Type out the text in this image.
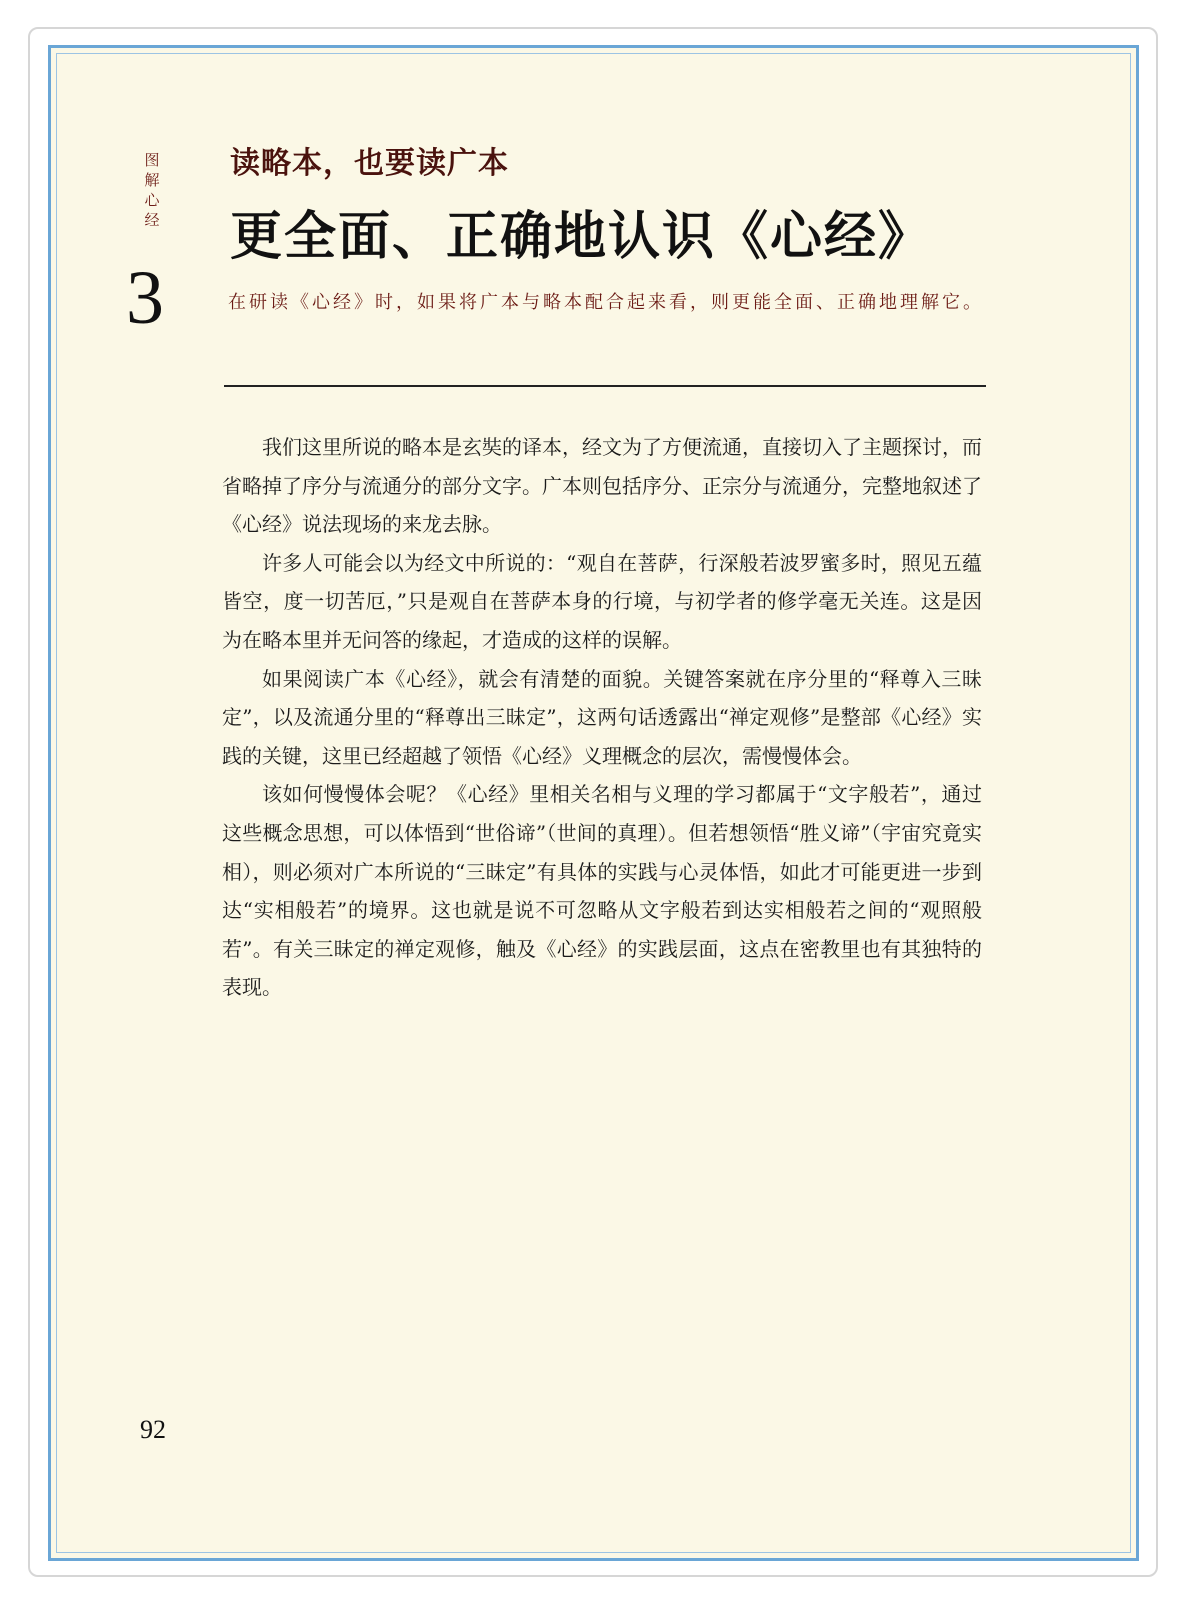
图解心经
3
读略本，也要读广本
更全面、正确地认识《心经》
在研读《心经》时，如果将广本与略本配合起来看，则更能全面、正确地理解它。

我们这里所说的略本是玄奘的译本，经文为了方便流通，直接切入了主题探讨，而省略掉了序分与流通分的部分文字。广本则包括序分、正宗分与流通分，完整地叙述了《心经》说法现场的来龙去脉。

许多人可能会以为经文中所说的：“观自在菩萨，行深般若波罗蜜多时，照见五蕴皆空，度一切苦厄，”只是观自在菩萨本身的行境，与初学者的修学毫无关连。这是因为在略本里并无问答的缘起，才造成的这样的误解。

如果阅读广本《心经》，就会有清楚的面貌。关键答案就在序分里的“释尊入三昧定”，以及流通分里的“释尊出三昧定”，这两句话透露出“禅定观修”是整部《心经》实践的关键，这里已经超越了领悟《心经》义理概念的层次，需慢慢体会。

该如何慢慢体会呢？《心经》里相关名相与义理的学习都属于“文字般若”，通过这些概念思想，可以体悟到“世俗谛”（世间的真理）。但若想领悟“胜义谛”（宇宙究竟实相），则必须对广本所说的“三昧定”有具体的实践与心灵体悟，如此才可能更进一步到达“实相般若”的境界。这也就是说不可忽略从文字般若到达实相般若之间的“观照般若”。有关三昧定的禅定观修，触及《心经》的实践层面，这点在密教里也有其独特的表现。

92
